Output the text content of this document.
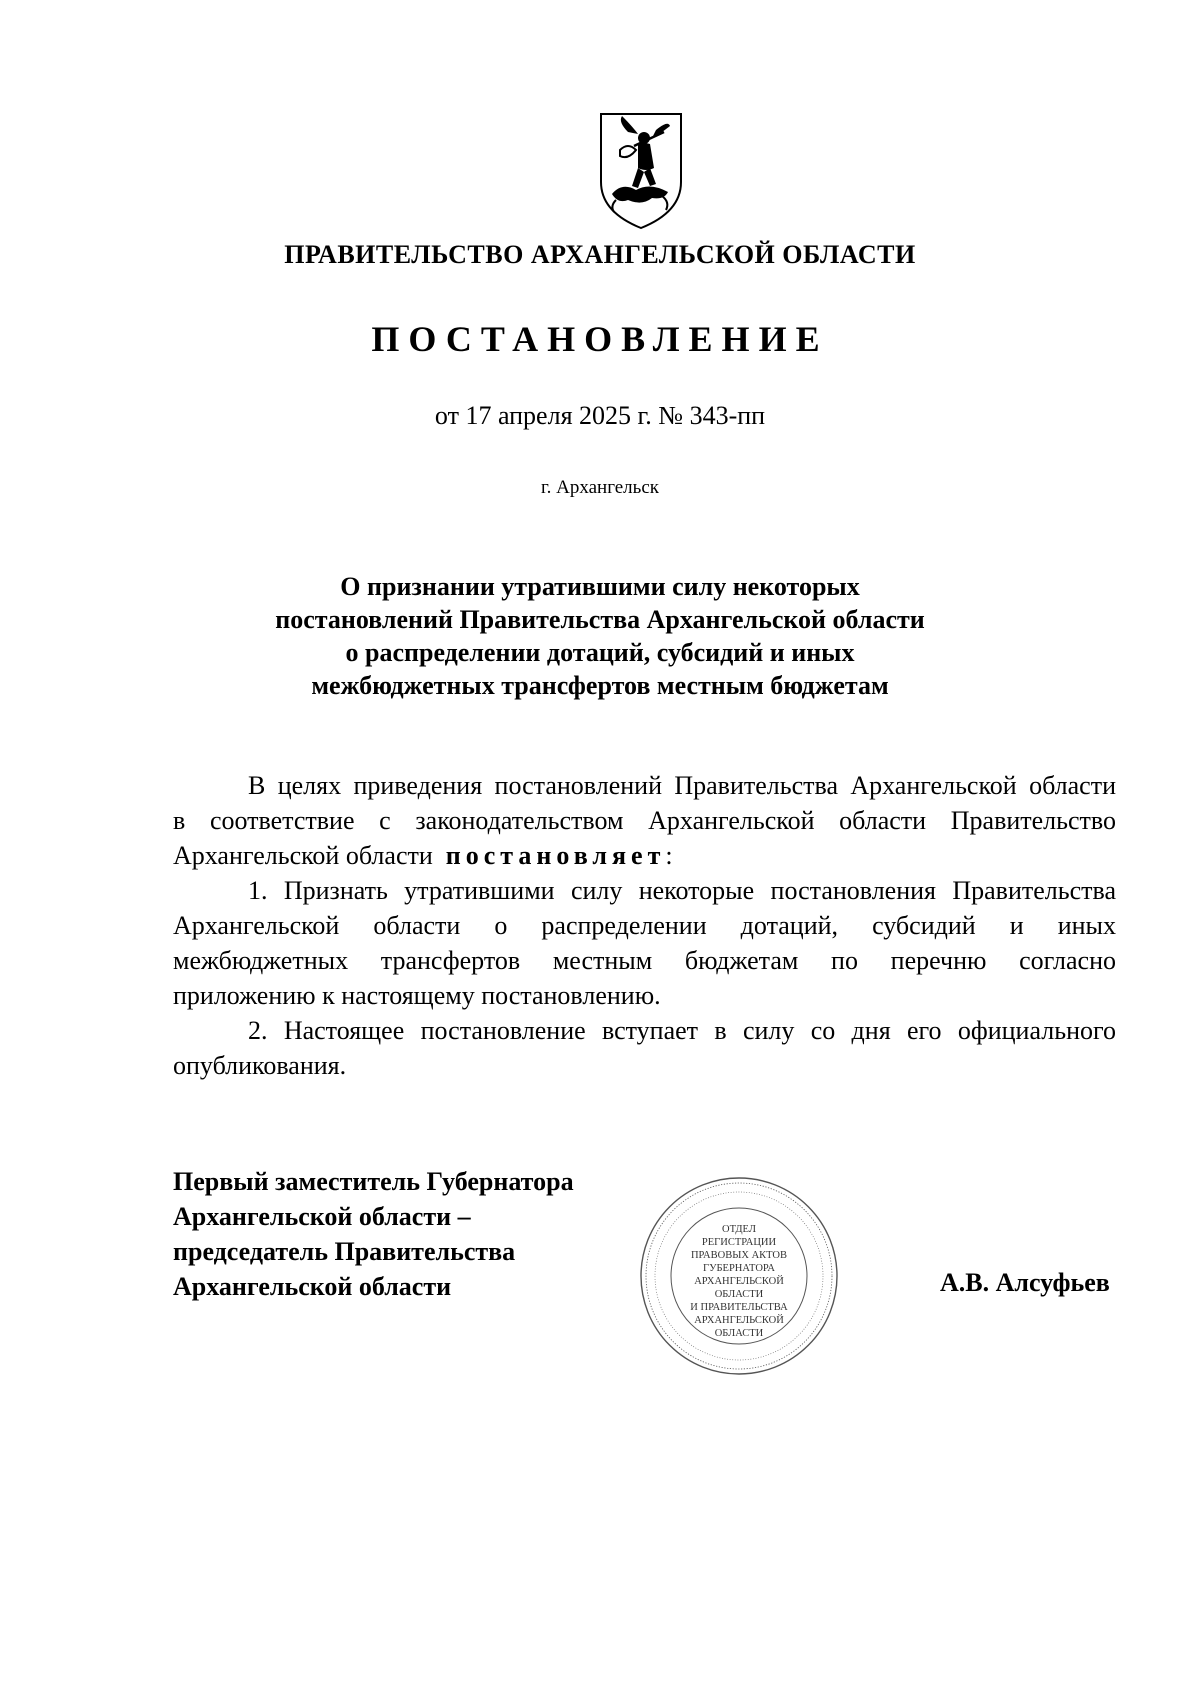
ПРАВИТЕЛЬСТВО АРХАНГЕЛЬСКОЙ ОБЛАСТИ
ПОСТАНОВЛЕНИЕ
от 17 апреля 2025 г. № 343-пп
г. Архангельск
О признании утратившими силу некоторых
постановлений Правительства Архангельской области
о распределении дотаций, субсидий и иных
межбюджетных трансфертов местным бюджетам
В целях приведения постановлений Правительства Архангельской области
в соответствие с законодательством Архангельской области Правительство
Архангельской области постановляет:
1. Признать утратившими силу некоторые постановления Правительства
Архангельской области о распределении дотаций, субсидий и иных
межбюджетных трансфертов местным бюджетам по перечню согласно
приложению к настоящему постановлению.
2. Настоящее постановление вступает в силу со дня его официального
опубликования.
Первый заместитель Губернатора
Архангельской области –
председатель Правительства
Архангельской области
ОТДЕЛ
РЕГИСТРАЦИИ
ПРАВОВЫХ АКТОВ
ГУБЕРНАТОРА
АРХАНГЕЛЬСКОЙ
ОБЛАСТИ
И ПРАВИТЕЛЬСТВА
АРХАНГЕЛЬСКОЙ
ОБЛАСТИ
А.В. Алсуфьев
